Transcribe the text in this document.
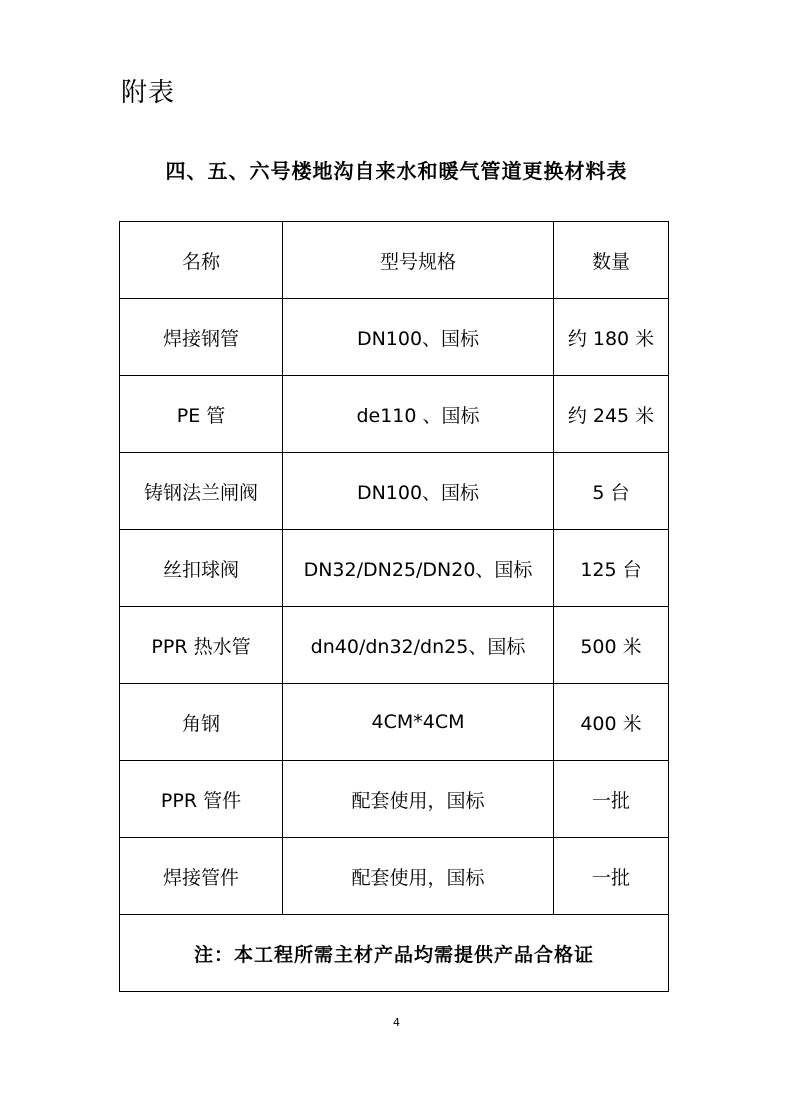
附表
四、五、六号楼地沟自来水和暖气管道更换材料表
名称	型号规格	数量
焊接钢管	DN100、国标	约 180 米
PE 管	de110 、国标	约 245 米
铸钢法兰闸阀	DN100、国标	5 台
丝扣球阀	DN32/DN25/DN20、国标	125 台
PPR 热水管	dn40/dn32/dn25、国标	500 米
角钢	4CM*4CM	400 米
PPR 管件	配套使用，国标	一批
焊接管件	配套使用，国标	一批
注：本工程所需主材产品均需提供产品合格证		
4
